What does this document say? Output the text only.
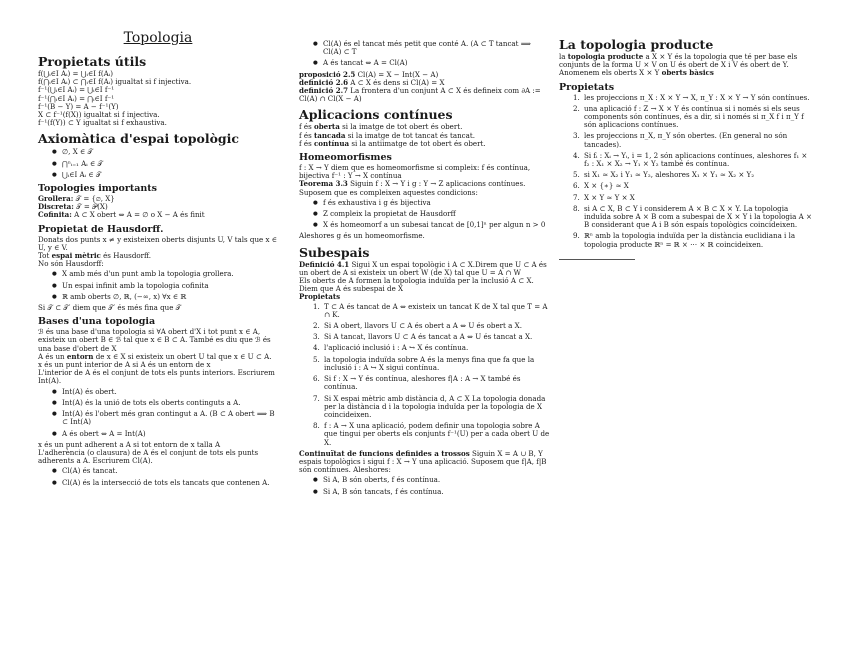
Topologia
Propietats útils
f(⋃ᵢ∈I Aᵢ) = ⋃ᵢ∈I f(Aᵢ)
f(⋂ᵢ∈I Aᵢ) ⊂ ⋂ᵢ∈I f(Aᵢ) igualtat si f injectiva.
f⁻¹(⋃ᵢ∈I Aᵢ) = ⋃ᵢ∈I f⁻¹
f⁻¹(⋂ᵢ∈I Aᵢ) = ⋂ᵢ∈I f⁻¹
f⁻¹(B − Y) = A − f⁻¹(Y)
X ⊂ f⁻¹(f(X)) igualtat si f injectiva.
f⁻¹(f(Y)) ⊂ Y igualtat si f exhaustiva.
Axiomàtica d'espai topològic
● ∅, X ∈ 𝒯
● ⋂ⁿᵢ₌₁ Aᵢ ∈ 𝒯
● ⋃ᵢ∈I Aᵢ ∈ 𝒯
Topologies importants
Grollera: 𝒯 = {∅, X}
Discreta: 𝒯 = 𝒫(X)
Cofinita: A ⊂ X obert ⇔ A = ∅ o X − A és finit
Propietat de Hausdorff.
Donats dos punts x ≠ y existeixen oberts disjunts U, V tals que x ∈ U, y ∈ V.
Tot espai mètric és Hausdorff.
No són Hausdorff:
● X amb més d'un punt amb la topologia grollera.
● Un espai infinit amb la topologia cofinita
● ℝ amb oberts ∅, ℝ, (−∞, x) ∀x ∈ ℝ
Si 𝒯 ⊂ 𝒯′ diem que 𝒯′ és més fina que 𝒯
Bases d'una topologia
ℬ és una base d'una topologia si ∀A obert d'X i tot punt x ∈ A, existeix un obert B ∈ ℬ tal que x ∈ B ⊂ A. També es diu que ℬ és una base d'obert de X
A és un entorn de x ∈ X si existeix un obert U tal que x ∈ U ⊂ A.
x és un punt interior de A si A és un entorn de x
L'interior de A és el conjunt de tots els punts interiors. Escriurem Int(A).
● Int(A) és obert.
● Int(A) és la unió de tots els oberts continguts a A.
● Int(A) és l'obert més gran contingut a A. (B ⊂ A obert ⟹ B ⊂ Int(A)
● A és obert ⇔ A = Int(A)
x és un punt adherent a A si tot entorn de x talla A
L'adherència (o clausura) de A és el conjunt de tots els punts adherents a A. Escriurem Cl(A).
● Cl(A) és tancat.
● Cl(A) és la intersecció de tots els tancats que contenen A.
● Cl(A) és el tancat més petit que conté A. (A ⊂ T tancat ⟹ Cl(A) ⊂ T
● A és tancat ⇔ A = Cl(A)
proposició 2.5 Cl(A) = X − Int(X − A)
definició 2.6 A ⊂ X és dens si Cl(A) = X
definició 2.7 La frontera d'un conjunt A ⊂ X és defineix com ∂A := Cl(A) ∩ Cl(X − A)
Aplicacions contínues
f és oberta si la imatge de tot obert és obert.
f és tancada si la imatge de tot tancat és tancat.
f és contínua si la antiimatge de tot obert és obert.
Homeomorfismes
f : X → Y diem que es homeomorfisme si compleix: f és contínua, bijectiva f⁻¹ : Y → X contínua
Teorema 3.3 Siguin f : X → Y i g : Y → Z aplicacions contínues. Suposem que es compleixen aquestes condicions:
● f és exhaustiva i g és bijectiva
● Z compleix la propietat de Hausdorff
● X és homeomorf a un subesai tancat de [0,1]ⁿ per algun n > 0
Aleshores g és un homeomorfisme.
Subespais
Definició 4.1 Sigui X un espai topològic i A ⊂ X.Direm que U ⊂ A és un obert de A si existeix un obert W (de X) tal que U = A ∩ W
Els oberts de A formen la topologia induïda per la inclusió A ⊂ X. Diem que A és subespai de X
Propietats
T ⊂ A és tancat de A ⇔ existeix un tancat K de X tal que T = A ∩ K.
Si A obert, llavors U ⊂ A és obert a A ⇔ U és obert a X.
Si A tancat, llavors U ⊂ A és tancat a A ⇔ U és tancat a X.
l'aplicació inclusió i : A ↪ X és contínua.
la topologia induïda sobre A és la menys fina que fa que la inclusió i : A ↪ X sigui contínua.
Si f : X → Y és contínua, aleshores f|A : A → X també és contínua.
Si X espai mètric amb distància d, A ⊂ X La topologia donada per la distància d i la topologia induïda per la topologia de X coincideixen.
f : A → X una aplicació, podem definir una topologia sobre A que tingui per oberts els conjunts f⁻¹(U) per a cada obert U de X.
Continuïtat de funcions definides a trossos Siguin X = A ∪ B, Y espais topològics i sigui f : X → Y una aplicació. Suposem que f|A, f|B són contínues. Aleshores:
● Si A, B són oberts, f és contínua.
● Si A, B són tancats, f és contínua.
La topologia producte
la topologia producte a X × Y és la topologia que té per base els conjunts de la forma U × V on U és obert de X i V és obert de Y. Anomenem els oberts X × Y oberts bàsics
Propietats
les projeccions π_X : X × Y → X, π_Y : X × Y → Y són contínues.
una aplicació f : Z → X × Y és contínua si i només si els seus components són contínues, és a dir, si i només si π_X f i π_Y f són aplicacions contínues.
les projeccions π_X, π_Y són obertes. (En general no són tancades).
Si fᵢ : Xᵢ → Yᵢ, i = 1, 2 són aplicacions contínues, aleshores f₁ × f₂ : X₁ × X₂ → Y₁ × Y₂ també és contínua.
si X₁ ≃ X₂ i Y₁ ≃ Y₂, aleshores X₁ × Y₁ ≃ X₂ × Y₂
X × {∗} ≃ X
X × Y ≃ Y × X
si A ⊂ X, B ⊂ Y i considerem A × B ⊂ X × Y. La topologia induïda sobre A × B com a subespai de X × Y i la topologia A × B considerant que A i B són espais topològics coincideixen.
ℝⁿ amb la topologia induïda per la distància euclidiana i la topologia producte ℝⁿ = ℝ × ⋯ × ℝ coincideixen.
